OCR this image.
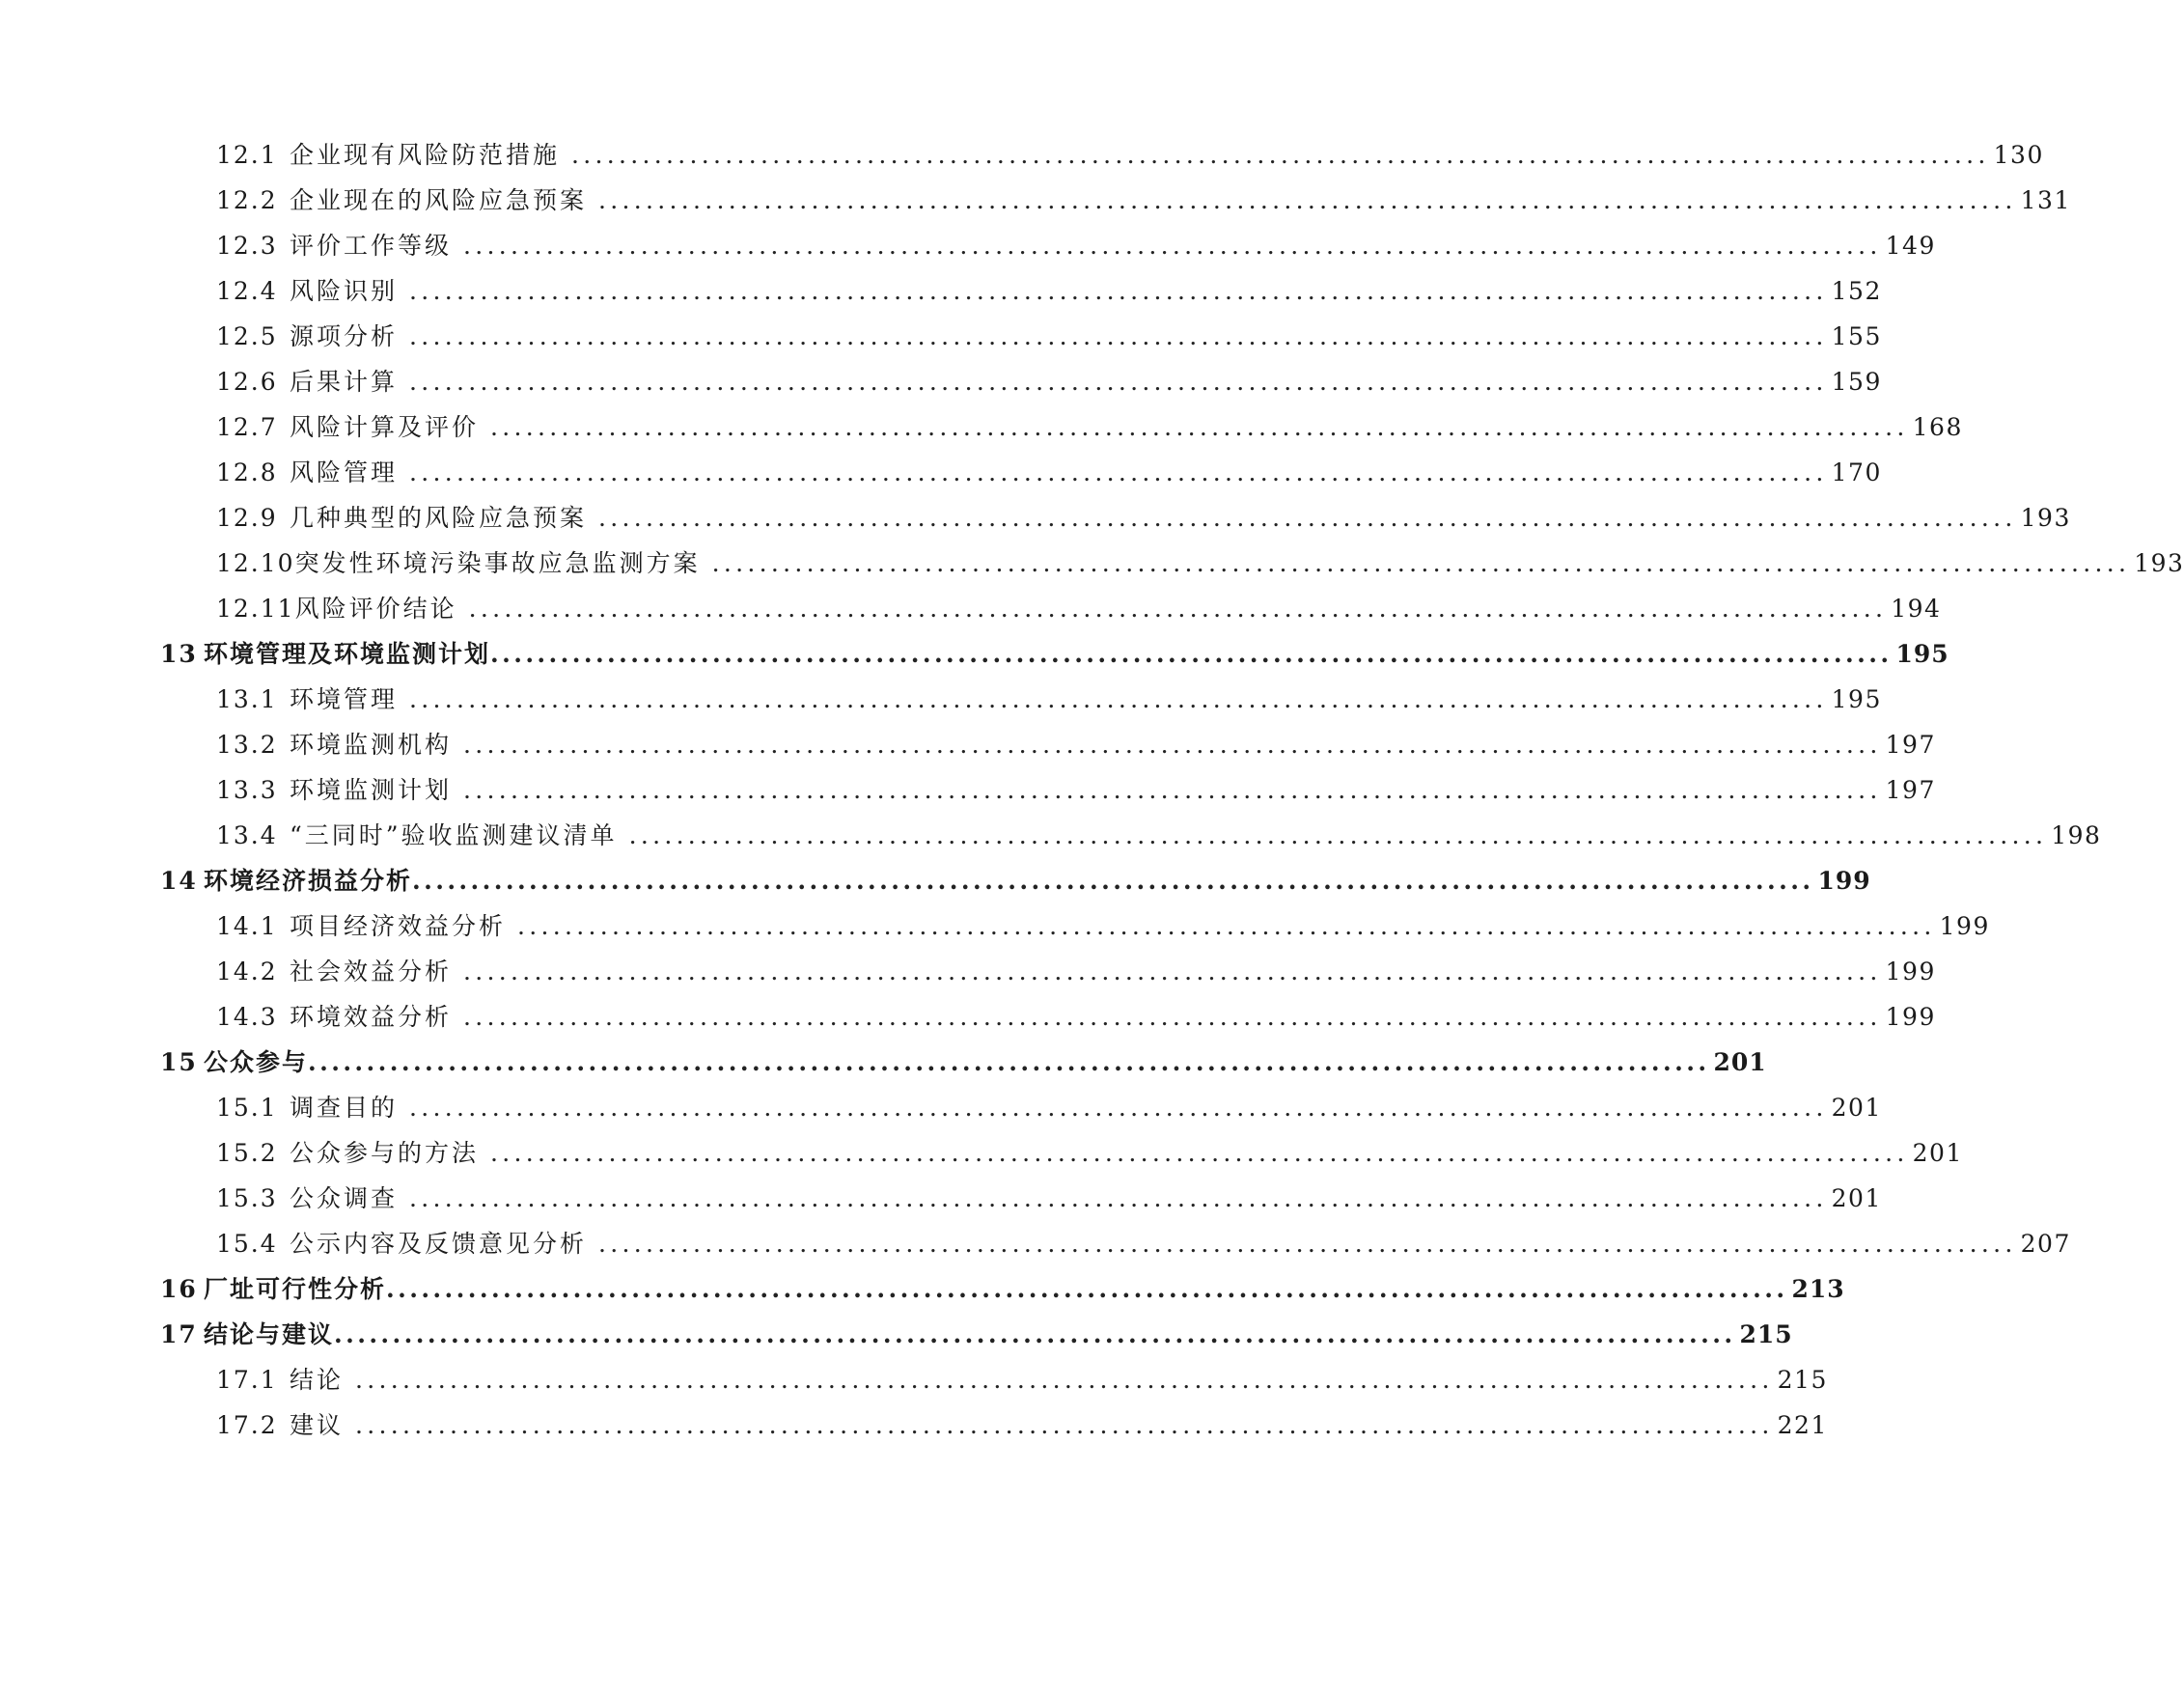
12.1 企业现有风险防范措施 ........................................................................................................................ 130
12.2 企业现在的风险应急预案 ........................................................................................................................ 131
12.3 评价工作等级 ........................................................................................................................ 149
12.4 风险识别 ........................................................................................................................ 152
12.5 源项分析 ........................................................................................................................ 155
12.6 后果计算 ........................................................................................................................ 159
12.7 风险计算及评价 ........................................................................................................................ 168
12.8 风险管理 ........................................................................................................................ 170
12.9 几种典型的风险应急预案 ........................................................................................................................ 193
12.10 突发性环境污染事故应急监测方案 ........................................................................................................................ 193
12.11 风险评价结论 ........................................................................................................................ 194
13 环境管理及环境监测计划 ........................................................................................................................ 195
13.1 环境管理 ........................................................................................................................ 195
13.2 环境监测机构 ........................................................................................................................ 197
13.3 环境监测计划 ........................................................................................................................ 197
13.4 “三同时”验收监测建议清单 ........................................................................................................................ 198
14 环境经济损益分析 ........................................................................................................................ 199
14.1 项目经济效益分析 ........................................................................................................................ 199
14.2 社会效益分析 ........................................................................................................................ 199
14.3 环境效益分析 ........................................................................................................................ 199
15 公众参与 ........................................................................................................................ 201
15.1 调查目的 ........................................................................................................................ 201
15.2 公众参与的方法 ........................................................................................................................ 201
15.3 公众调查 ........................................................................................................................ 201
15.4 公示内容及反馈意见分析 ........................................................................................................................ 207
16 厂址可行性分析 ........................................................................................................................ 213
17 结论与建议 ........................................................................................................................ 215
17.1 结论 ........................................................................................................................ 215
17.2 建议 ........................................................................................................................ 221
